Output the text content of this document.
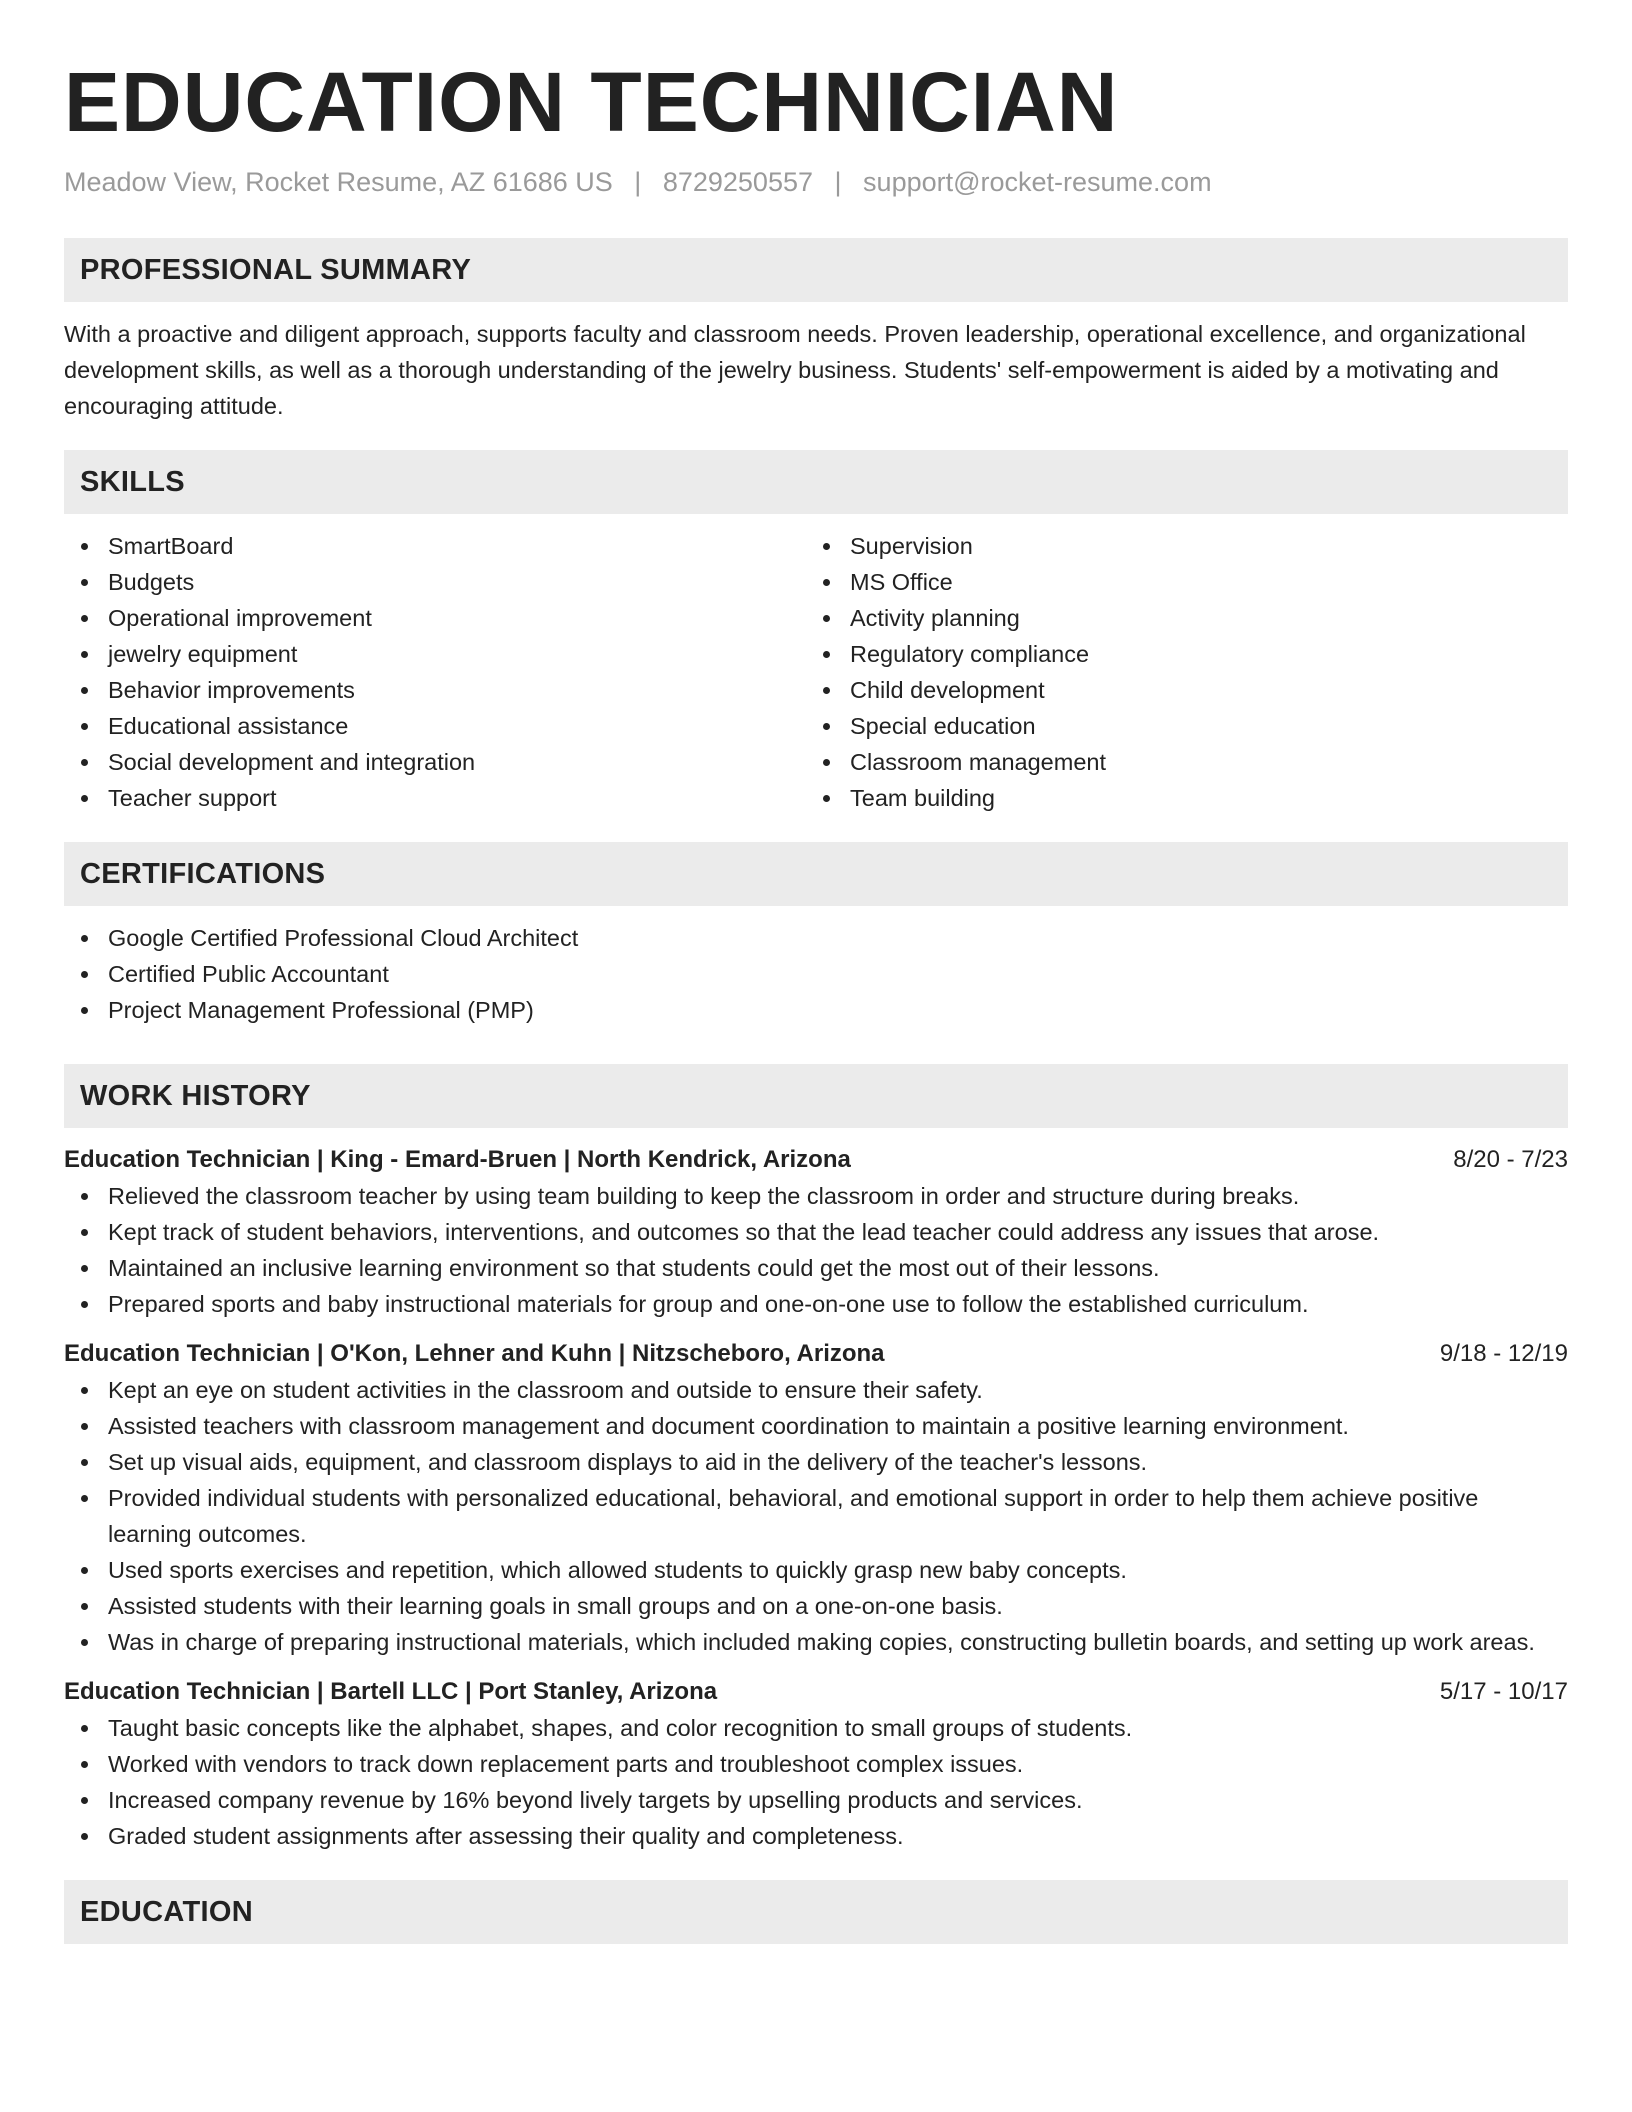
EDUCATION TECHNICIAN
Meadow View, Rocket Resume, AZ 61686 US | 8729250557 | support@rocket-resume.com
PROFESSIONAL SUMMARY

With a proactive and diligent approach, supports faculty and classroom needs. Proven leadership, operational excellence, and organizational development skills, as well as a thorough understanding of the jewelry business. Students' self-empowerment is aided by a motivating and encouraging attitude.

SKILLS
SmartBoard
Budgets
Operational improvement
jewelry equipment
Behavior improvements
Educational assistance
Social development and integration
Teacher support
Supervision
MS Office
Activity planning
Regulatory compliance
Child development
Special education
Classroom management
Team building
CERTIFICATIONS
Google Certified Professional Cloud Architect
Certified Public Accountant
Project Management Professional (PMP)
WORK HISTORY
Education Technician | King - Emard-Bruen | North Kendrick, Arizona	8/20 - 7/23
Relieved the classroom teacher by using team building to keep the classroom in order and structure during breaks.
Kept track of student behaviors, interventions, and outcomes so that the lead teacher could address any issues that arose.
Maintained an inclusive learning environment so that students could get the most out of their lessons.
Prepared sports and baby instructional materials for group and one-on-one use to follow the established curriculum.
Education Technician | O'Kon, Lehner and Kuhn | Nitzscheboro, Arizona	9/18 - 12/19
Kept an eye on student activities in the classroom and outside to ensure their safety.
Assisted teachers with classroom management and document coordination to maintain a positive learning environment.
Set up visual aids, equipment, and classroom displays to aid in the delivery of the teacher's lessons.
Provided individual students with personalized educational, behavioral, and emotional support in order to help them achieve positive learning outcomes.
Used sports exercises and repetition, which allowed students to quickly grasp new baby concepts.
Assisted students with their learning goals in small groups and on a one-on-one basis.
Was in charge of preparing instructional materials, which included making copies, constructing bulletin boards, and setting up work areas.
Education Technician | Bartell LLC | Port Stanley, Arizona	5/17 - 10/17
Taught basic concepts like the alphabet, shapes, and color recognition to small groups of students.
Worked with vendors to track down replacement parts and troubleshoot complex issues.
Increased company revenue by 16% beyond lively targets by upselling products and services.
Graded student assignments after assessing their quality and completeness.
EDUCATION
